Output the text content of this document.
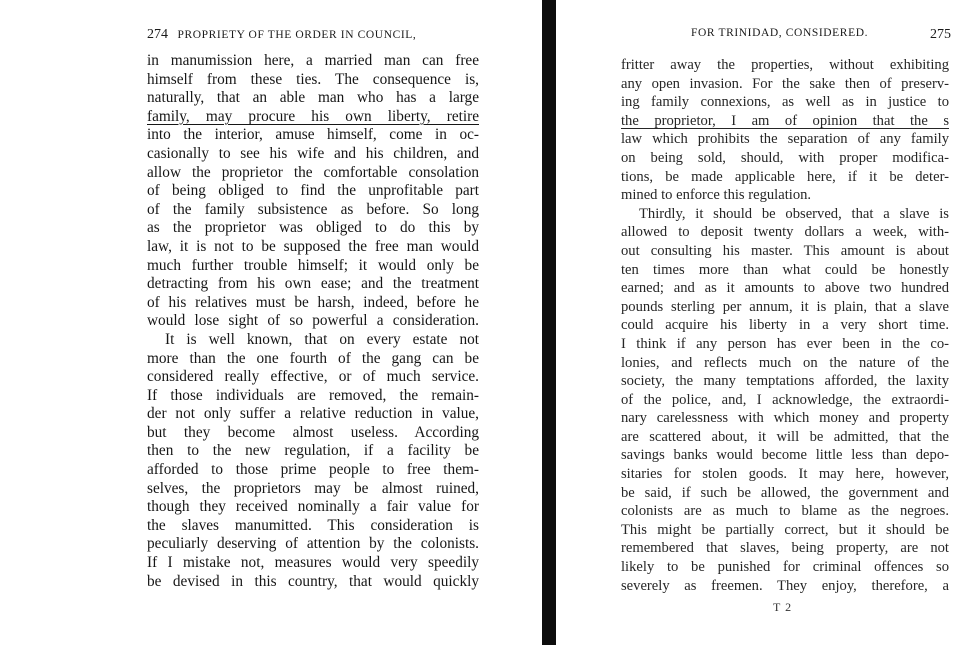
274 PROPRIETY OF THE ORDER IN COUNCIL,
in manumission here, a married man can free
himself from these ties. The consequence is,
naturally, that an able man who has a large
family, may procure his own liberty, retire
into the interior, amuse himself, come in oc-
casionally to see his wife and his children, and
allow the proprietor the comfortable consolation
of being obliged to find the unprofitable part
of the family subsistence as before. So long
as the proprietor was obliged to do this by
law, it is not to be supposed the free man would
much further trouble himself; it would only be
detracting from his own ease; and the treatment
of his relatives must be harsh, indeed, before he
would lose sight of so powerful a consideration.
It is well known, that on every estate not
more than the one fourth of the gang can be
considered really effective, or of much service.
If those individuals are removed, the remain-
der not only suffer a relative reduction in value,
but they become almost useless. According
then to the new regulation, if a facility be
afforded to those prime people to free them-
selves, the proprietors may be almost ruined,
though they received nominally a fair value for
the slaves manumitted. This consideration is
peculiarly deserving of attention by the colonists.
If I mistake not, measures would very speedily
be devised in this country, that would quickly
FOR TRINIDAD, CONSIDERED.	275
fritter away the properties, without exhibiting
any open invasion. For the sake then of preserv-
ing family connexions, as well as in justice to
the proprietor, I am of opinion that the s
law which prohibits the separation of any family
on being sold, should, with proper modifica-
tions, be made applicable here, if it be deter-
mined to enforce this regulation.
Thirdly, it should be observed, that a slave is
allowed to deposit twenty dollars a week, with-
out consulting his master. This amount is about
ten times more than what could be honestly
earned; and as it amounts to above two hundred
pounds sterling per annum, it is plain, that a slave
could acquire his liberty in a very short time.
I think if any person has ever been in the co-
lonies, and reflects much on the nature of the
society, the many temptations afforded, the laxity
of the police, and, I acknowledge, the extraordi-
nary carelessness with which money and property
are scattered about, it will be admitted, that the
savings banks would become little less than depo-
sitaries for stolen goods. It may here, however,
be said, if such be allowed, the government and
colonists are as much to blame as the negroes.
This might be partially correct, but it should be
remembered that slaves, being property, are not
likely to be punished for criminal offences so
severely as freemen. They enjoy, therefore, a
T 2
